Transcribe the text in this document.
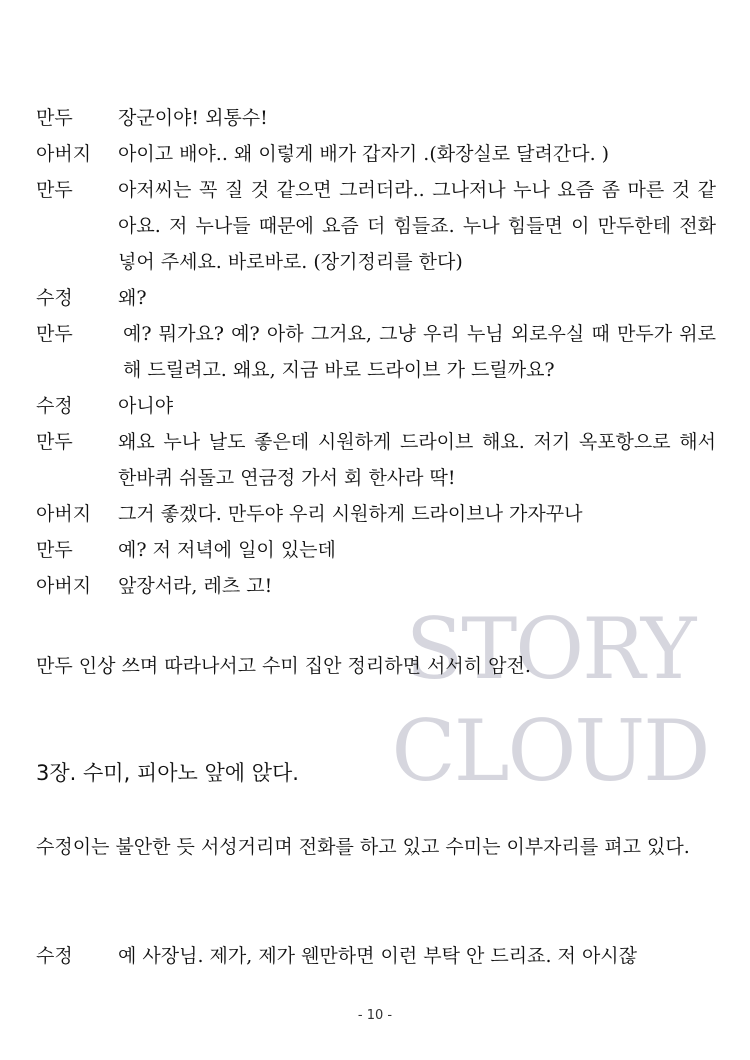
STORY
CLOUD
만두	장군이야! 외통수!
아버지	아이고 배야.. 왜 이렇게 배가 갑자기 .(화장실로 달려간다. )
만두	아저씨는 꼭 질 것 같으면 그러더라.. 그나저나 누나 요즘 좀 마른 것 같아요. 저 누나들 때문에 요즘 더 힘들죠. 누나 힘들면 이 만두한테 전화 넣어 주세요. 바로바로. (장기정리를 한다)
수정	왜?
만두	예? 뭐가요? 예? 아하 그거요, 그냥 우리 누님 외로우실 때 만두가 위로해 드릴려고. 왜요, 지금 바로 드라이브 가 드릴까요?
수정	아니야
만두	왜요 누나 날도 좋은데 시원하게 드라이브 해요. 저기 옥포항으로 해서 한바퀴 쉬돌고 연금정 가서 회 한사라 딱!
아버지	그거 좋겠다. 만두야 우리 시원하게 드라이브나 가자꾸나
만두	예? 저 저녁에 일이 있는데
아버지	앞장서라, 레츠 고!

만두 인상 쓰며 따라나서고 수미 집안 정리하면 서서히 암전.

3장. 수미, 피아노 앞에 앉다.

수정이는 불안한 듯 서성거리며 전화를 하고 있고 수미는 이부자리를 펴고 있다.

수정	예 사장님. 제가, 제가 웬만하면 이런 부탁 안 드리죠. 저 아시잖
- 10 -
